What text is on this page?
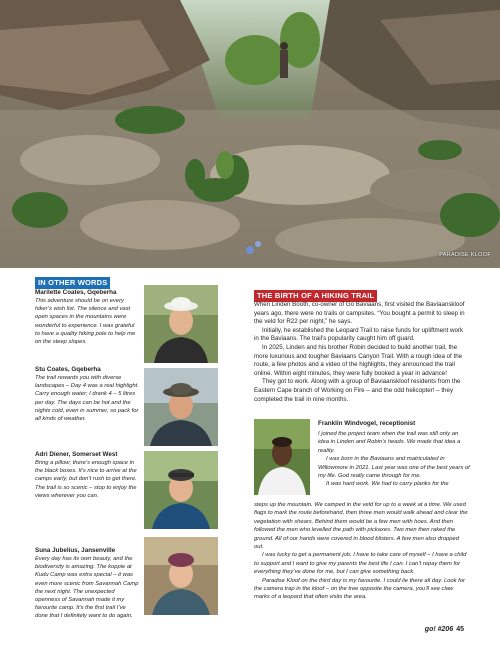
PARADISE KLOOF
IN OTHER WORDS
Marilette Coates, Gqeberha
This adventure should be on every hiker’s wish list. The silence and vast open spaces in the mountains were wonderful to experience. I was grateful to have a quality hiking pole to help me on the steep slopes.
Stu Coates, Gqeberha
The trail rewards you with diverse landscapes – Day 4 was a real highlight. Carry enough water; I drank 4 – 5 litres per day. The days can be hot and the nights cold, even in summer, so pack for all kinds of weather.
Adri Diener, Somerset West
Bring a pillow; there’s enough space in the black boxes. It’s nice to arrive at the camps early, but don’t rush to get there. The trail is so scenic – stop to enjoy the views wherever you can.
Suna Jubelius, Jansenville
Every day has its own beauty, and the biodiversity is amazing. The koppie at Kudu Camp was extra special – it was even more scenic from Savannah Camp the next night. The unexpected openness of Savannah made it my favourite camp. It’s the first trail I’ve done that I definitely want to do again.
THE BIRTH OF A HIKING TRAIL

When Linden Booth, co-owner of Go Baviaans, first visited the Baviaanskloof years ago, there were no trails or campsites. “You bought a permit to sleep in the veld for R22 per night,” he says.

Initially, he established the Leopard Trail to raise funds for upliftment work in the Baviaans. The trail’s popularity caught him off guard.

In 2025, Linden and his brother Robin decided to build another trail, the more luxurious and tougher Baviaans Canyon Trail. With a rough idea of the route, a few photos and a video of the highlights, they announced the trail online. Within eight minutes, they were fully booked a year in advance!

They got to work. Along with a group of Baviaanskloof residents from the Eastern Cape branch of Working on Fire – and the odd helicopter! – they completed the trail in nine months.

Franklin Windvogel, receptionist

I joined the project team when the trail was still only an idea in Linden and Robin’s heads. We made that idea a reality.

I was born in the Baviaans and matriculated in Willowmore in 2021. Last year was one of the best years of my life. God really came through for me.

It was hard work. We had to carry planks for the

steps up the mountain. We camped in the veld for up to a week at a time. We used flags to mark the route beforehand, then three men would walk ahead and clear the vegetation with shears. Behind them would be a few men with hoes. And then followed the men who levelled the path with pickaxes. Two men then raked the ground. All of our hands were covered in blood blisters. A few men also dropped out.

I was lucky to get a permanent job. I have to take care of myself – I have a child to support and I want to give my parents the best life I can. I can’t repay them for everything they’ve done for me, but I can give something back.

Paradise Kloof on the third day is my favourite. I could lie there all day. Look for the camera trap in the kloof – on the tree opposite the camera, you’ll see claw marks of a leopard that often visits the area.

go! #206 45
